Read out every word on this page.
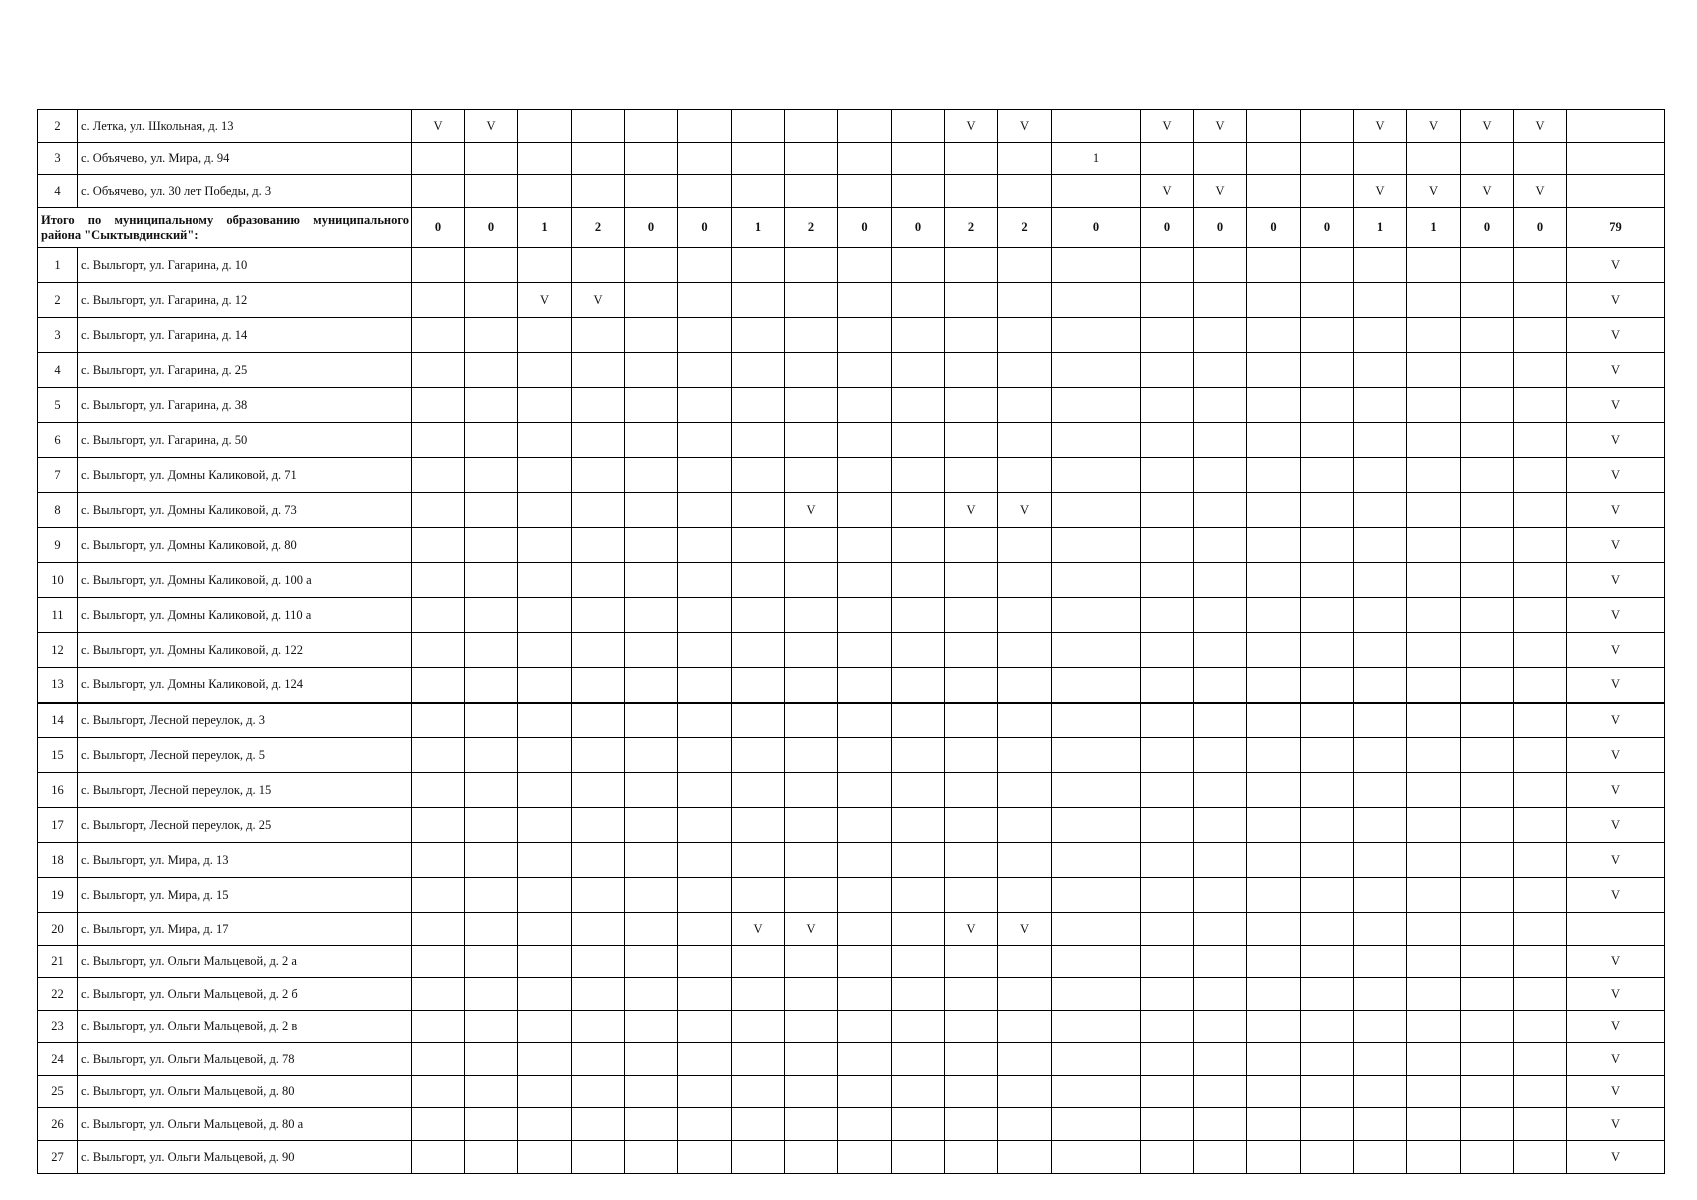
2	с. Летка, ул. Школьная, д. 13	V	V									V	V		V	V			V	V	V	V	
3	с. Объячево, ул. Мира, д. 94													1									
4	с. Объячево, ул. 30 лет Победы, д. 3														V	V			V	V	V	V	
Итого по муниципальному образованию муниципального района "Сыктывдинский":		0	0	1	2	0	0	1	2	0	0	2	2	0	0	0	0	0	1	1	0	0	79
1	с. Выльгорт, ул. Гагарина, д. 10																						V
2	с. Выльгорт, ул. Гагарина, д. 12			V	V																		V
3	с. Выльгорт, ул. Гагарина, д. 14																						V
4	с. Выльгорт, ул. Гагарина, д. 25																						V
5	с. Выльгорт, ул. Гагарина, д. 38																						V
6	с. Выльгорт, ул. Гагарина, д. 50																						V
7	с. Выльгорт, ул. Домны Каликовой, д. 71																						V
8	с. Выльгорт, ул. Домны Каликовой, д. 73								V			V	V										V
9	с. Выльгорт, ул. Домны Каликовой, д. 80																						V
10	с. Выльгорт, ул. Домны Каликовой, д. 100 а																						V
11	с. Выльгорт, ул. Домны Каликовой, д. 110 а																						V
12	с. Выльгорт, ул. Домны Каликовой, д. 122																						V
13	с. Выльгорт, ул. Домны Каликовой, д. 124																						V
14	с. Выльгорт, Лесной переулок, д. 3																						V
15	с. Выльгорт, Лесной переулок, д. 5																						V
16	с. Выльгорт, Лесной переулок, д. 15																						V
17	с. Выльгорт, Лесной переулок, д. 25																						V
18	с. Выльгорт, ул. Мира, д. 13																						V
19	с. Выльгорт, ул. Мира, д. 15																						V
20	с. Выльгорт, ул. Мира, д. 17							V	V			V	V										
21	с. Выльгорт, ул. Ольги Мальцевой, д. 2 а																						V
22	с. Выльгорт, ул. Ольги Мальцевой, д. 2 б																						V
23	с. Выльгорт, ул. Ольги Мальцевой, д. 2 в																						V
24	с. Выльгорт, ул. Ольги Мальцевой, д. 78																						V
25	с. Выльгорт, ул. Ольги Мальцевой, д. 80																						V
26	с. Выльгорт, ул. Ольги Мальцевой, д. 80 а																						V
27	с. Выльгорт, ул. Ольги Мальцевой, д. 90																						V
